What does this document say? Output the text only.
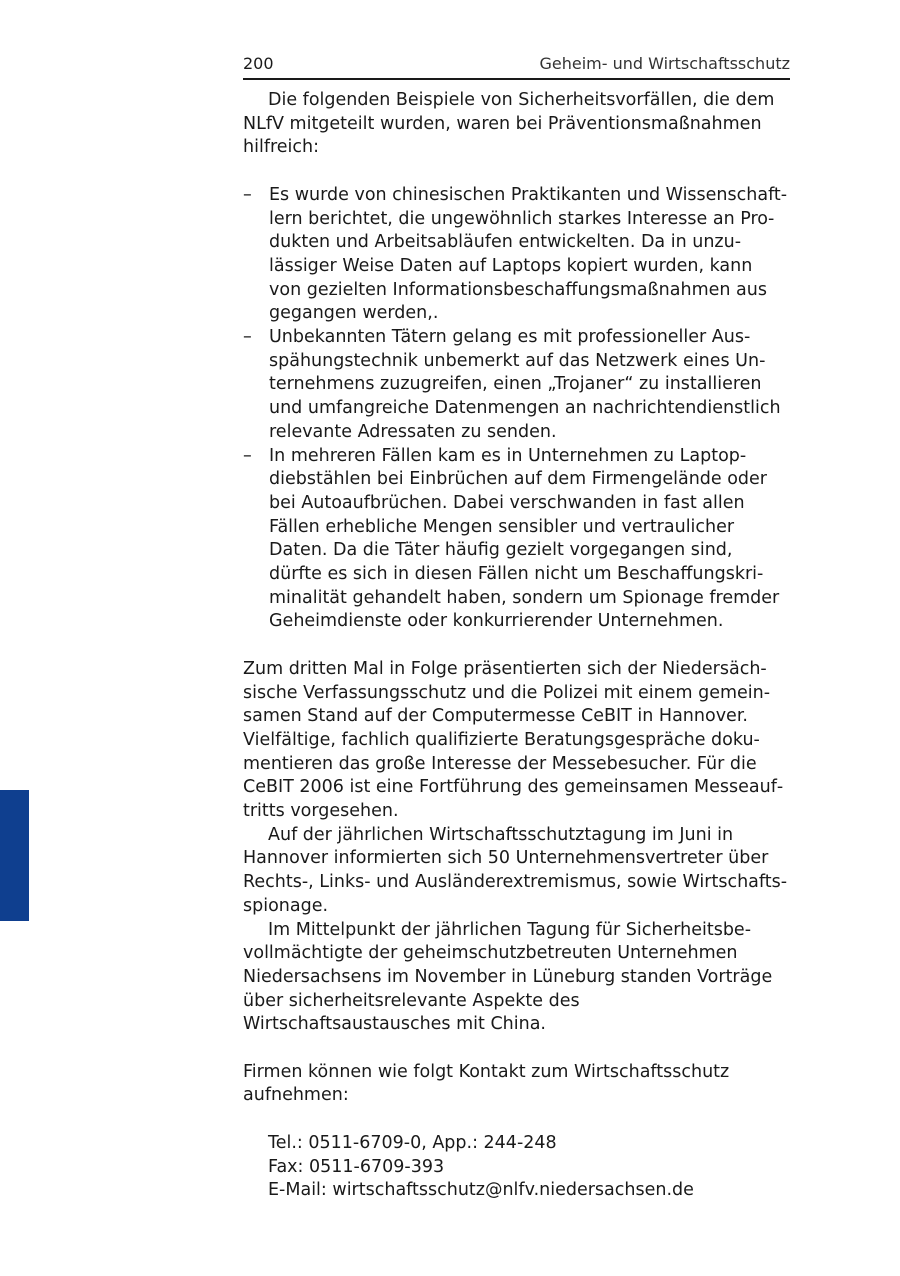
200	Geheim- und Wirtschaftsschutz

Die folgenden Beispiele von Sicherheitsvorfällen, die dem NLfV mitgeteilt wurden, waren bei Präventionsmaßnahmen hilfreich:

– Es wurde von chinesischen Praktikanten und Wissenschaftlern berichtet, die ungewöhnlich starkes Interesse an Produkten und Arbeitsabläufen entwickelten. Da in unzulässiger Weise Daten auf Laptops kopiert wurden, kann von gezielten Informationsbeschaffungsmaßnahmen aus gegangen werden,.
– Unbekannten Tätern gelang es mit professioneller Ausspähungstechnik unbemerkt auf das Netzwerk eines Unternehmens zuzugreifen, einen „Trojaner“ zu installieren und umfangreiche Datenmengen an nachrichtendienstlich relevante Adressaten zu senden.
– In mehreren Fällen kam es in Unternehmen zu Laptopdiebstählen bei Einbrüchen auf dem Firmengelände oder bei Autoaufbrüchen. Dabei verschwanden in fast allen Fällen erhebliche Mengen sensibler und vertraulicher Daten. Da die Täter häufig gezielt vorgegangen sind, dürfte es sich in diesen Fällen nicht um Beschaffungskriminalität gehandelt haben, sondern um Spionage fremder Geheimdienste oder konkurrierender Unternehmen.

Zum dritten Mal in Folge präsentierten sich der Niedersächsische Verfassungsschutz und die Polizei mit einem gemeinsamen Stand auf der Computermesse CeBIT in Hannover. Vielfältige, fachlich qualifizierte Beratungsgespräche dokumentieren das große Interesse der Messebesucher. Für die CeBIT 2006 ist eine Fortführung des gemeinsamen Messeauftritts vorgesehen.

Auf der jährlichen Wirtschaftsschutztagung im Juni in Hannover informierten sich 50 Unternehmensvertreter über Rechts-, Links- und Ausländerextremismus, sowie Wirtschaftsspionage.

Im Mittelpunkt der jährlichen Tagung für Sicherheitsbevollmächtigte der geheimschutzbetreuten Unternehmen Niedersachsens im November in Lüneburg standen Vorträge über sicherheitsrelevante Aspekte des Wirtschaftsaustausches mit China.

Firmen können wie folgt Kontakt zum Wirtschaftsschutz aufnehmen:

Tel.: 0511-6709-0, App.: 244-248
Fax: 0511-6709-393
E-Mail: wirtschaftsschutz@nlfv.niedersachsen.de
